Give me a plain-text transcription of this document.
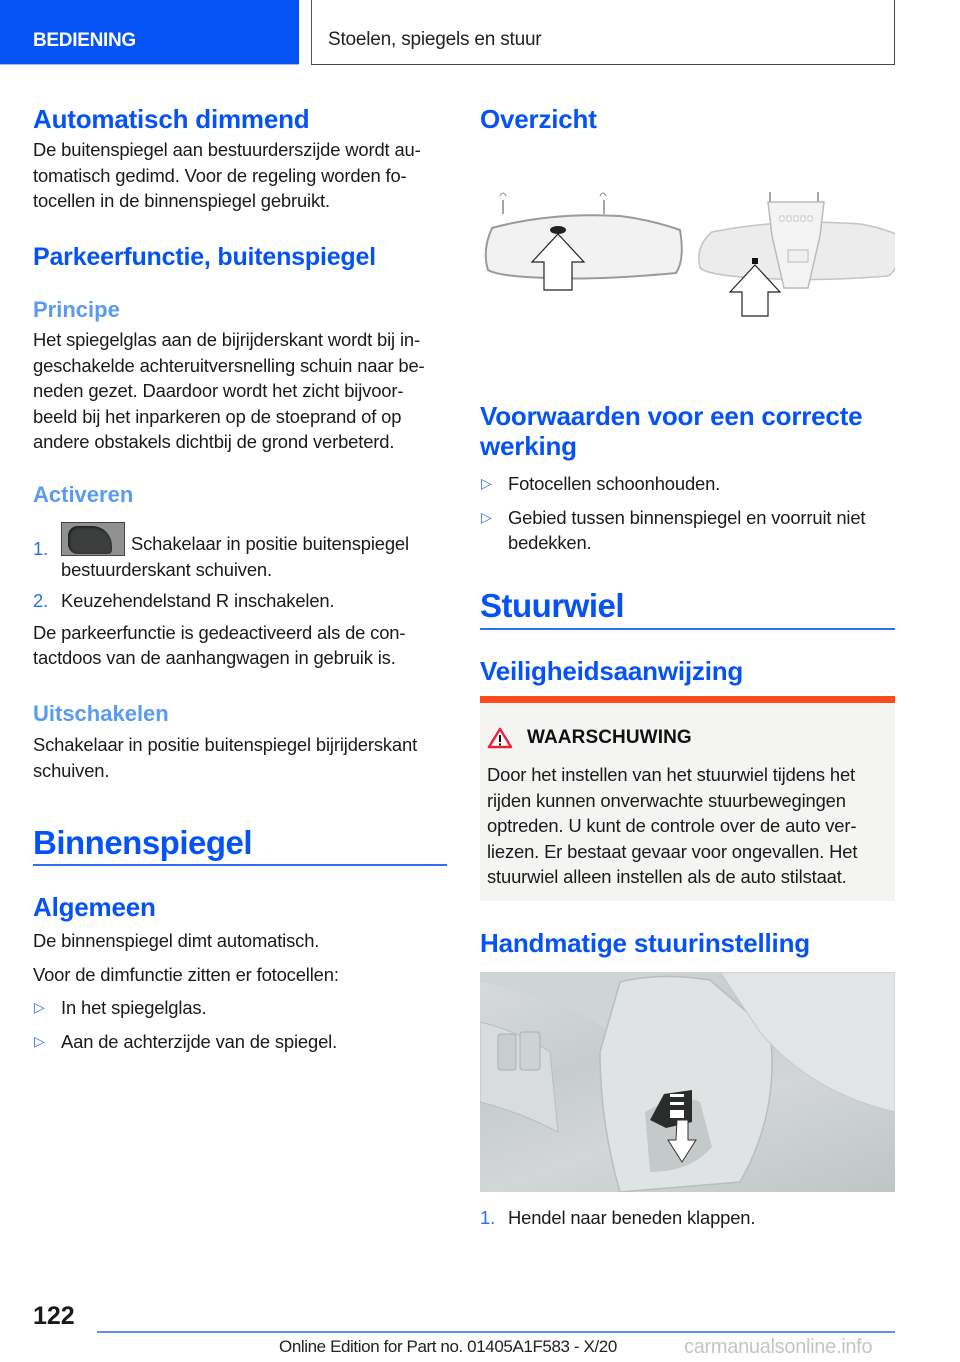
BEDIENING	Stoelen, spiegels en stuur
Automatisch dimmend
De buitenspiegel aan bestuurderszijde wordt au-
tomatisch gedimd. Voor de regeling worden fo-
tocellen in de binnenspiegel gebruikt.
Parkeerfunctie, buitenspiegel
Principe
Het spiegelglas aan de bijrijderskant wordt bij in-
geschakelde achteruitversnelling schuin naar be-
neden gezet. Daardoor wordt het zicht bijvoor-
beeld bij het inparkeren op de stoeprand of op
andere obstakels dichtbij de grond verbeterd.
Activeren
1.	Schakelaar in positie buitenspiegel
bestuurderskant schuiven.
2. Keuzehendelstand R inschakelen.
De parkeerfunctie is gedeactiveerd als de con-
tactdoos van de aanhangwagen in gebruik is.
Uitschakelen
Schakelaar in positie buitenspiegel bijrijderskant
schuiven.
Binnenspiegel
Algemeen
De binnenspiegel dimt automatisch.
Voor de dimfunctie zitten er fotocellen:
▷ In het spiegelglas.
▷ Aan de achterzijde van de spiegel.
Overzicht
Voorwaarden voor een correcte
werking
▷ Fotocellen schoonhouden.
▷ Gebied tussen binnenspiegel en voorruit niet
bedekken.
Stuurwiel
Veiligheidsaanwijzing
WAARSCHUWING
Door het instellen van het stuurwiel tijdens het
rijden kunnen onverwachte stuurbewegingen
optreden. U kunt de controle over de auto ver-
liezen. Er bestaat gevaar voor ongevallen. Het
stuurwiel alleen instellen als de auto stilstaat.
Handmatige stuurinstelling
1. Hendel naar beneden klappen.
122
Online Edition for Part no. 01405A1F583 - X/20	carmanualsonline.info
